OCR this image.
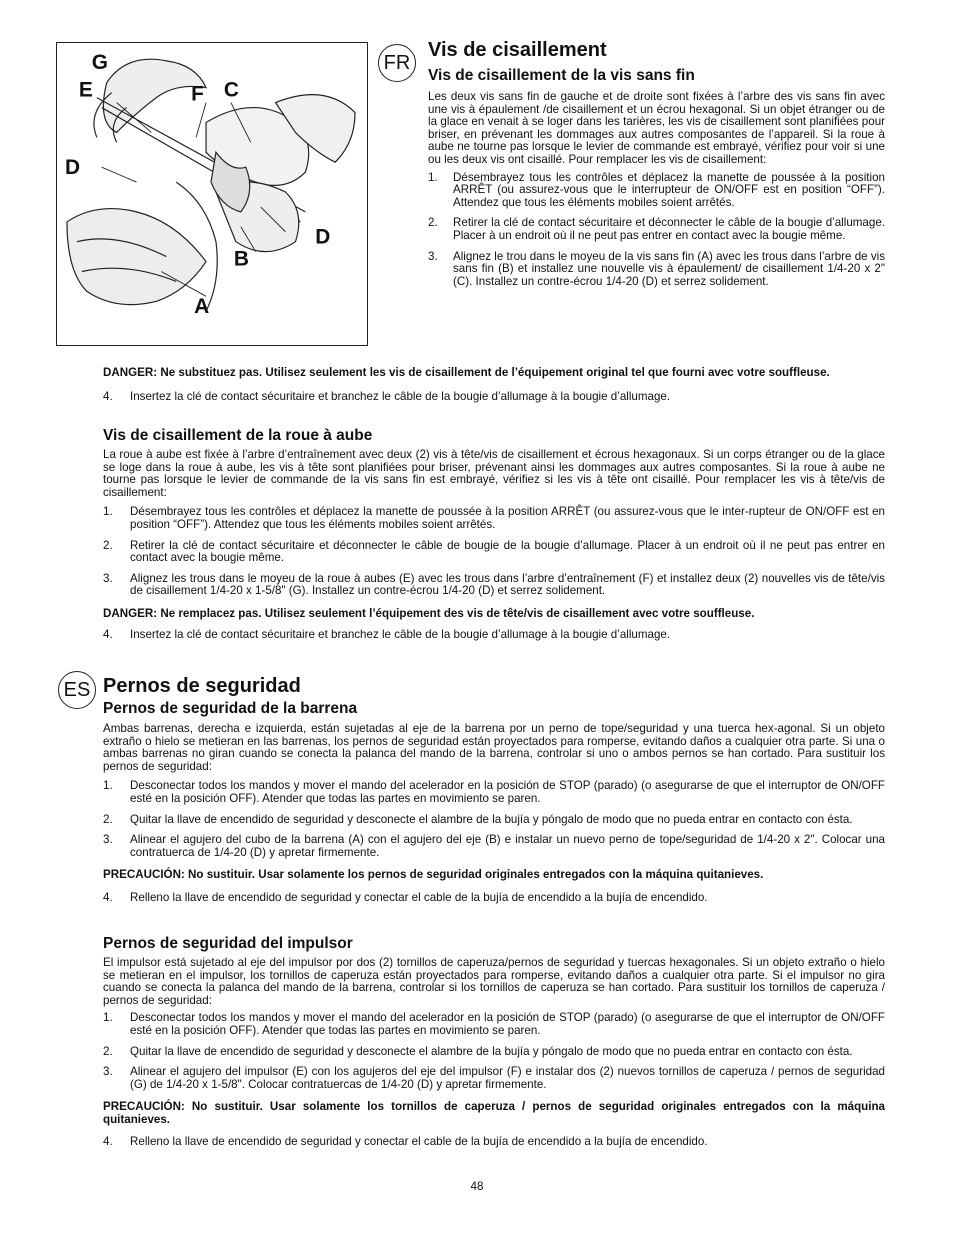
G
E	F C
D
D
B
A
FR
Vis de cisaillement
Vis de cisaillement de la vis sans fin

Les deux vis sans fin de gauche et de droite sont fixées à l’arbre des vis sans fin avec une vis à épaulement /de cisaillement et un écrou hexagonal. Si un objet étranger ou de la glace en venait à se loger dans les tarières, les vis de cisaillement sont planifiées pour briser, en prévenant les dommages aux autres composantes de l’appareil. Si la roue à aube ne tourne pas lorsque le levier de commande est embrayé, vérifiez pour voir si une ou les deux vis ont cisaillé. Pour remplacer les vis de cisaillement:

1. Désembrayez tous les contrôles et déplacez la manette de poussée à la position ARRÊT (ou assurez-vous que le interrupteur de ON/OFF est en position “OFF”). Attendez que tous les éléments mobiles soient arrêtés.
2. Retirer la clé de contact sécuritaire et déconnecter le câble de la bougie d’allumage. Placer à un endroit où il ne peut pas entrer en contact avec la bougie même.
3. Alignez le trou dans le moyeu de la vis sans fin (A) avec les trous dans l’arbre de vis sans fin (B) et installez une nouvelle vis à épaulement/ de cisaillement 1/4-20 x 2" (C). Installez un contre-écrou 1/4-20 (D) et serrez solidement.

DANGER: Ne substituez pas. Utilisez seulement les vis de cisaillement de l’équipement original tel que fourni avec votre souffleuse.

4. Insertez la clé de contact sécuritaire et branchez le câble de la bougie d’allumage à la bougie d’allumage.
Vis de cisaillement de la roue à aube

La roue à aube est fixée à l’arbre d’entraînement avec deux (2) vis à tête/vis de cisaillement et écrous hexagonaux. Si un corps étranger ou de la glace se loge dans la roue à aube, les vis à tête sont planifiées pour briser, prévenant ainsi les dommages aux autres composantes. Si la roue à aube ne tourne pas lorsque le levier de commande de la vis sans fin est embrayé, vérifiez si les vis à tête ont cisaillé. Pour remplacer les vis à tête/vis de cisaillement:

1. Désembrayez tous les contrôles et déplacez la manette de poussée à la position ARRÊT (ou assurez-vous que le inter-rupteur de ON/OFF est en position “OFF”). Attendez que tous les éléments mobiles soient arrêtés.
2. Retirer la clé de contact sécuritaire et déconnecter le câble de bougie de la bougie d’allumage. Placer à un endroit où il ne peut pas entrer en contact avec la bougie même.
3. Alignez les trous dans le moyeu de la roue à aubes (E) avec les trous dans l’arbre d’entraînement (F) et installez deux (2) nouvelles vis de tête/vis de cisaillement 1/4-20 x 1-5/8" (G). Installez un contre-écrou 1/4-20 (D) et serrez solidement.

DANGER: Ne remplacez pas. Utilisez seulement l’équipement des vis de tête/vis de cisaillement avec votre souffleuse.

4. Insertez la clé de contact sécuritaire et branchez le câble de la bougie d’allumage à la bougie d’allumage.
ES Pernos de seguridad
Pernos de seguridad de la barrena

Ambas barrenas, derecha e izquierda, están sujetadas al eje de la barrena por un perno de tope/seguridad y una tuerca hex-agonal. Si un objeto extraño o hielo se metieran en las barrenas, los pernos de seguridad están proyectados para romperse, evitando daños a cualquier otra parte. Si una o ambas barrenas no giran cuando se conecta la palanca del mando de la barrena, controlar si uno o ambos pernos se han cortado. Para sustituir los pernos de seguridad:

1. Desconectar todos los mandos y mover el mando del acelerador en la posición de STOP (parado) (o asegurarse de que el interruptor de ON/OFF esté en la posición OFF). Atender que todas las partes en movimiento se paren.
2. Quitar la llave de encendido de seguridad y desconecte el alambre de la bujía y póngalo de modo que no pueda entrar en contacto con ésta.
3. Alinear el agujero del cubo de la barrena (A) con el agujero del eje (B) e instalar un nuevo perno de tope/seguridad de 1/4-20 x 2". Colocar una contratuerca de 1/4-20 (D) y apretar firmemente.

PRECAUCIÓN: No sustituir. Usar solamente los pernos de seguridad originales entregados con la máquina quitanieves.

4. Relleno la llave de encendido de seguridad y conectar el cable de la bujía de encendido a la bujía de encendido.
Pernos de seguridad del impulsor

El impulsor está sujetado al eje del impulsor por dos (2) tornillos de caperuza/pernos de seguridad y tuercas hexagonales. Si un objeto extraño o hielo se metieran en el impulsor, los tornillos de caperuza están proyectados para romperse, evitando daños a cualquier otra parte. Si el impulsor no gira cuando se conecta la palanca del mando de la barrena, controlar si los tornillos de caperuza se han cortado. Para sustituir los tornillos de caperuza / pernos de seguridad:

1. Desconectar todos los mandos y mover el mando del acelerador en la posición de STOP (parado) (o asegurarse de que el interruptor de ON/OFF esté en la posición OFF). Atender que todas las partes en movimiento se paren.
2. Quitar la llave de encendido de seguridad y desconecte el alambre de la bujía y póngalo de modo que no pueda entrar en contacto con ésta.
3. Alinear el agujero del impulsor (E) con los agujeros del eje del impulsor (F) e instalar dos (2) nuevos tornillos de caperuza / pernos de seguridad (G) de 1/4-20 x 1-5/8". Colocar contratuercas de 1/4-20 (D) y apretar firmemente.

PRECAUCIÓN: No sustituir. Usar solamente los tornillos de caperuza / pernos de seguridad originales entregados con la máquina quitanieves.

4. Relleno la llave de encendido de seguridad y conectar el cable de la bujía de encendido a la bujía de encendido.
48
